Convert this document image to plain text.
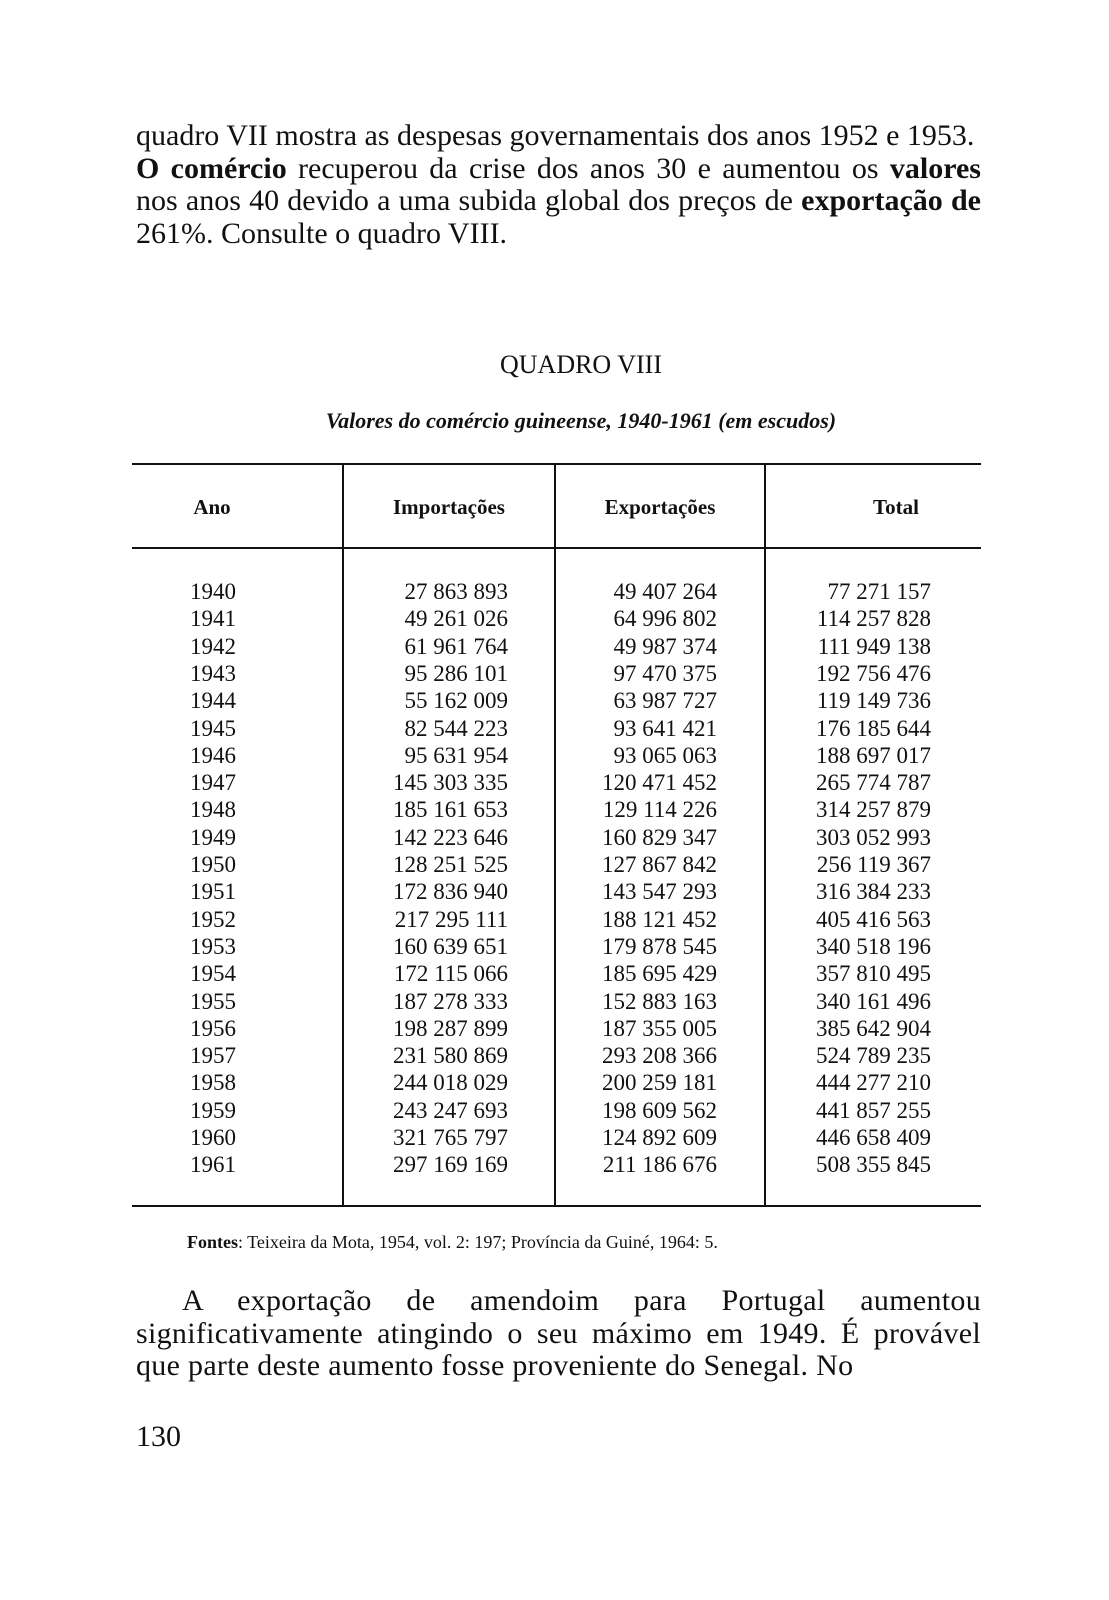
quadro VII mostra as despesas governamentais dos anos 1952 e 1953.
O comércio recuperou da crise dos anos 30 e aumentou os valores nos anos 40 devido a uma subida global dos preços de exportação de 261%. Consulte o quadro VIII.
QUADRO VIII
Valores do comércio guineense, 1940-1961 (em escudos)
Ano	Importações	Exportações	Total
1940	27 863 893	49 407 264	77 271 157
1941	49 261 026	64 996 802	114 257 828
1942	61 961 764	49 987 374	111 949 138
1943	95 286 101	97 470 375	192 756 476
1944	55 162 009	63 987 727	119 149 736
1945	82 544 223	93 641 421	176 185 644
1946	95 631 954	93 065 063	188 697 017
1947	145 303 335	120 471 452	265 774 787
1948	185 161 653	129 114 226	314 257 879
1949	142 223 646	160 829 347	303 052 993
1950	128 251 525	127 867 842	256 119 367
1951	172 836 940	143 547 293	316 384 233
1952	217 295 111	188 121 452	405 416 563
1953	160 639 651	179 878 545	340 518 196
1954	172 115 066	185 695 429	357 810 495
1955	187 278 333	152 883 163	340 161 496
1956	198 287 899	187 355 005	385 642 904
1957	231 580 869	293 208 366	524 789 235
1958	244 018 029	200 259 181	444 277 210
1959	243 247 693	198 609 562	441 857 255
1960	321 765 797	124 892 609	446 658 409
1961	297 169 169	211 186 676	508 355 845
Fontes: Teixeira da Mota, 1954, vol. 2: 197; Província da Guiné, 1964: 5.
A exportação de amendoim para Portugal aumentou significativamente atingindo o seu máximo em 1949. É provável que parte deste aumento fosse proveniente do Senegal. No
130
